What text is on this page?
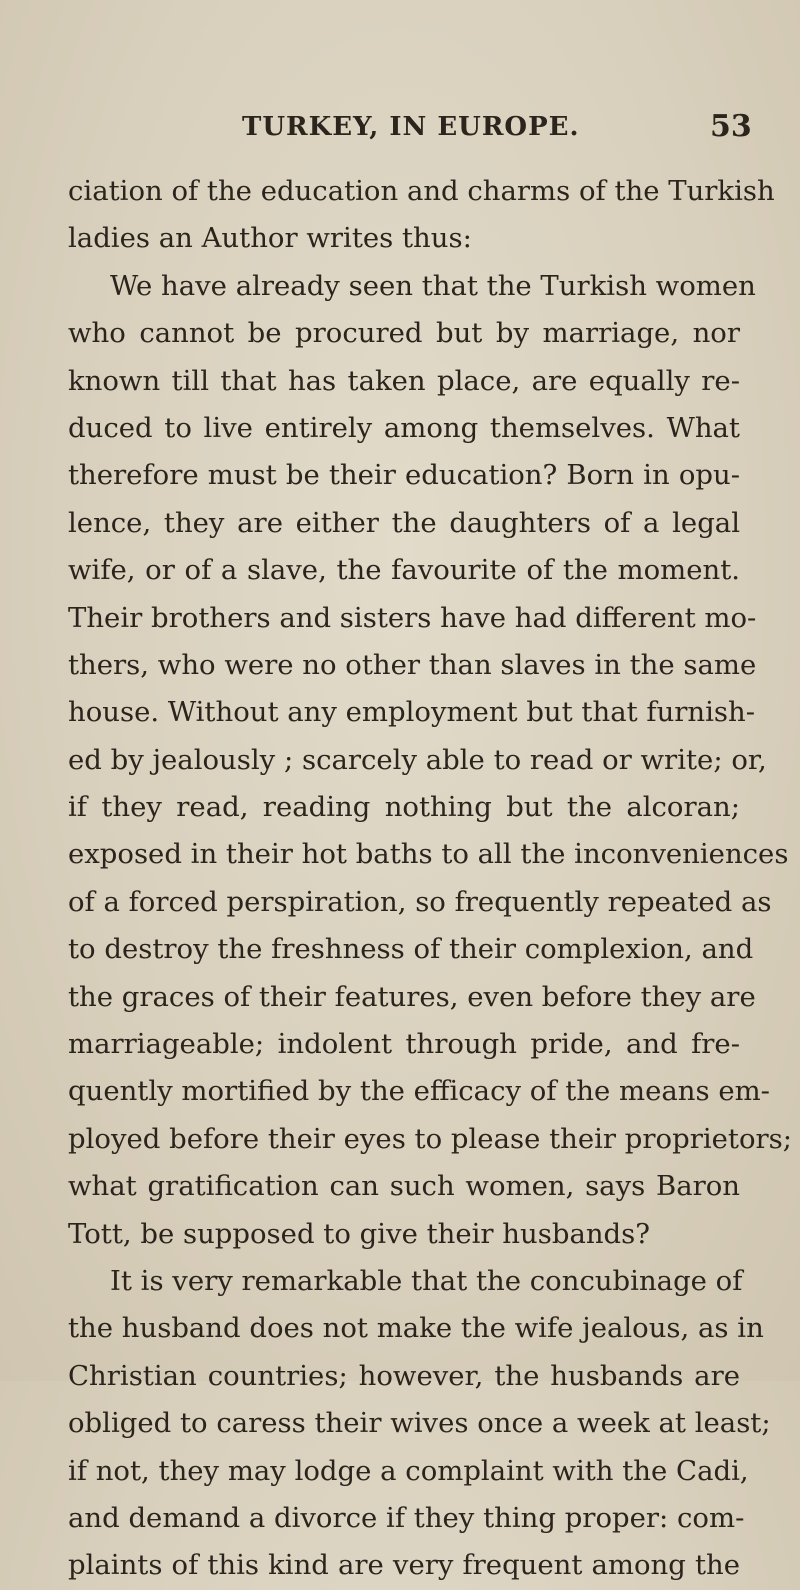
TURKEY, IN EUROPE.	53
ciation of the education and charms of the Turkish
ladies an Author writes thus:
We have already seen that the Turkish women
who cannot be procured but by marriage, nor
known till that has taken place, are equally re-
duced to live entirely among themselves. What
therefore must be their education? Born in opu-
lence, they are either the daughters of a legal
wife, or of a slave, the favourite of the moment.
Their brothers and sisters have had different mo-
thers, who were no other than slaves in the same
house. Without any employment but that furnish-
ed by jealously ; scarcely able to read or write; or,
if they read, reading nothing but the alcoran;
exposed in their hot baths to all the inconveniences
of a forced perspiration, so frequently repeated as
to destroy the freshness of their complexion, and
the graces of their features, even before they are
marriageable; indolent through pride, and fre-
quently mortified by the efficacy of the means em-
ployed before their eyes to please their proprietors;
what gratification can such women, says Baron
Tott, be supposed to give their husbands?
It is very remarkable that the concubinage of
the husband does not make the wife jealous, as in
Christian countries; however, the husbands are
obliged to caress their wives once a week at least;
if not, they may lodge a complaint with the Cadi,
and demand a divorce if they thing proper: com-
plaints of this kind are very frequent among the
